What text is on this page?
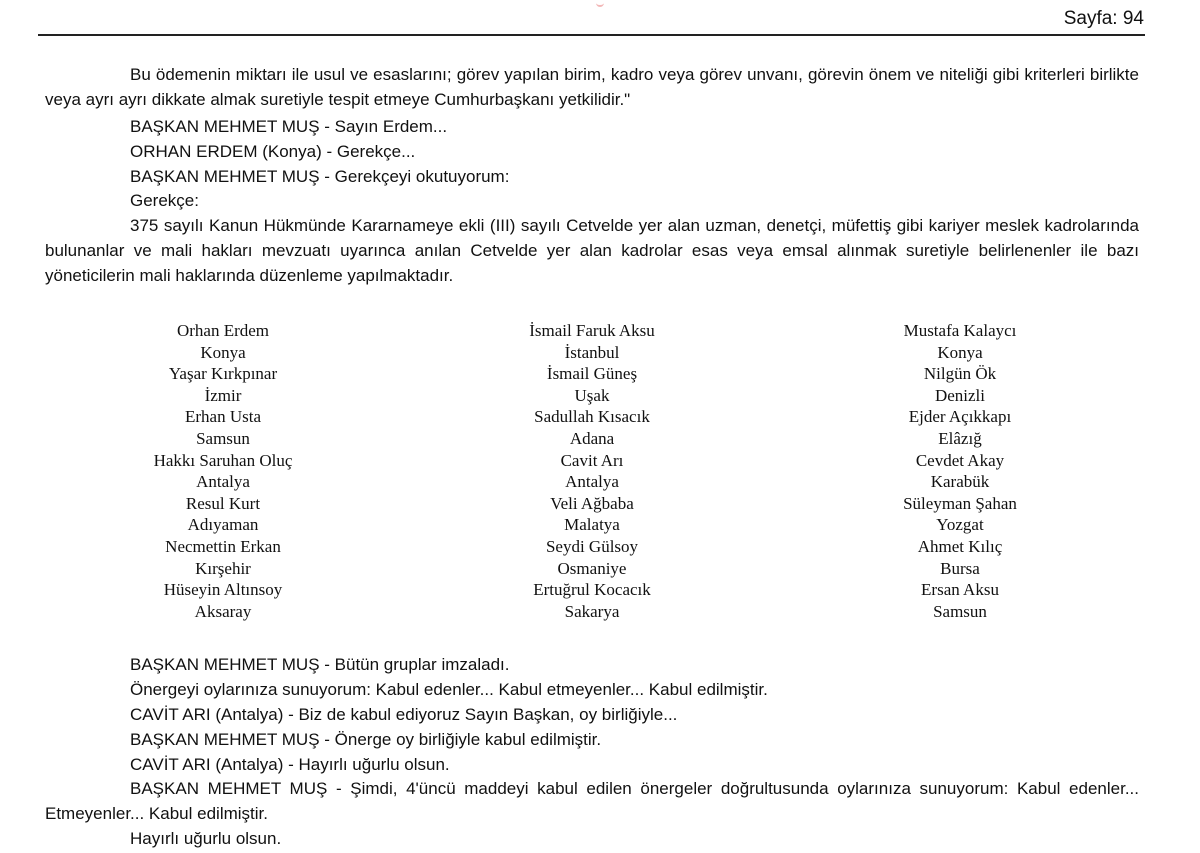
Sayfa: 94

Bu ödemenin miktarı ile usul ve esaslarını; görev yapılan birim, kadro veya görev unvanı, görevin önem ve niteliği gibi kriterleri birlikte veya ayrı ayrı dikkate almak suretiyle tespit etmeye Cumhurbaşkanı yetkilidir."

BAŞKAN MEHMET MUŞ - Sayın Erdem...
ORHAN ERDEM (Konya) - Gerekçe...
BAŞKAN MEHMET MUŞ - Gerekçeyi okutuyorum:
Gerekçe:

375 sayılı Kanun Hükmünde Kararnameye ekli (III) sayılı Cetvelde yer alan uzman, denetçi, müfettiş gibi kariyer meslek kadrolarında bulunanlar ve mali hakları mevzuatı uyarınca anılan Cetvelde yer alan kadrolar esas veya emsal alınmak suretiyle belirlenenler ile bazı yöneticilerin mali haklarında düzenleme yapılmaktadır.

Orhan Erdem
Konya
Yaşar Kırkpınar
İzmir
Erhan Usta
Samsun
Hakkı Saruhan Oluç
Antalya
Resul Kurt
Adıyaman
Necmettin Erkan
Kırşehir
Hüseyin Altınsoy
Aksaray
İsmail Faruk Aksu
İstanbul
İsmail Güneş
Uşak
Sadullah Kısacık
Adana
Cavit Arı
Antalya
Veli Ağbaba
Malatya
Seydi Gülsoy
Osmaniye
Ertuğrul Kocacık
Sakarya
Mustafa Kalaycı
Konya
Nilgün Ök
Denizli
Ejder Açıkkapı
Elâzığ
Cevdet Akay
Karabük
Süleyman Şahan
Yozgat
Ahmet Kılıç
Bursa
Ersan Aksu
Samsun
BAŞKAN MEHMET MUŞ - Bütün gruplar imzaladı.
Önergeyi oylarınıza sunuyorum: Kabul edenler... Kabul etmeyenler... Kabul edilmiştir.
CAVİT ARI (Antalya) - Biz de kabul ediyoruz Sayın Başkan, oy birliğiyle...
BAŞKAN MEHMET MUŞ - Önerge oy birliğiyle kabul edilmiştir.
CAVİT ARI (Antalya) - Hayırlı uğurlu olsun.

BAŞKAN MEHMET MUŞ - Şimdi, 4'üncü maddeyi kabul edilen önergeler doğrultusunda oylarınıza sunuyorum: Kabul edenler... Etmeyenler... Kabul edilmiştir.

Hayırlı uğurlu olsun.
